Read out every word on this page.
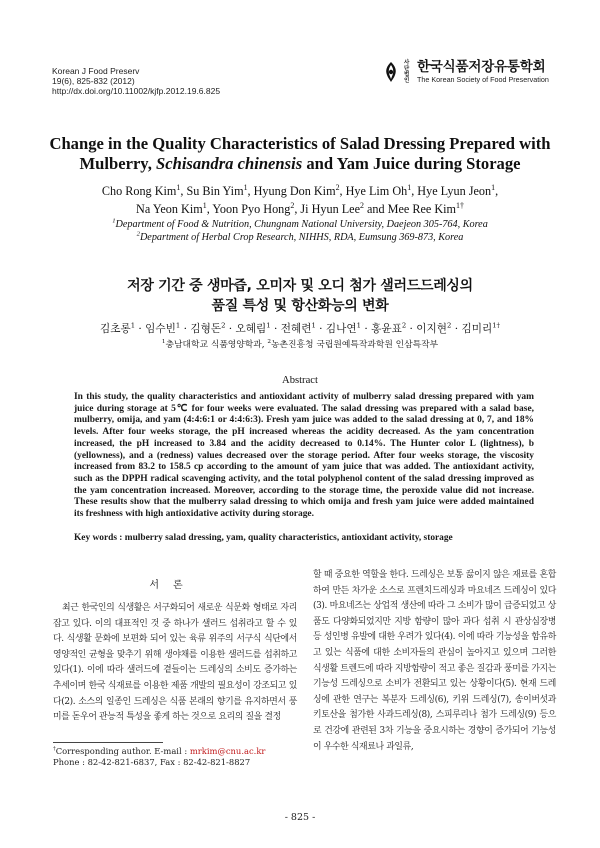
Korean J Food Preserv
19(6), 825-832 (2012)
http://dx.doi.org/10.11002/kjfp.2012.19.6.825
사단 법인
한국식품저장유통학회
The Korean Society of Food Preservation
Change in the Quality Characteristics of Salad Dressing Prepared with Mulberry, Schisandra chinensis and Yam Juice during Storage
Cho Rong Kim$^1$, Su Bin Yim$^1$, Hyung Don Kim$^2$, Hye Lim Oh$^1$, Hye Lyun Jeon$^1$,
Na Yeon Kim$^1$, Yoon Pyo Hong$^2$, Ji Hyun Lee$^2$ and Mee Ree Kim$^{1\dagger}$
$^1$Department of Food & Nutrition, Chungnam National University, Daejeon 305-764, Korea
$^2$Department of Herbal Crop Research, NIHHS, RDA, Eumsung 369-873, Korea
저장 기간 중 생마즙, 오미자 및 오디 첨가 샐러드드레싱의
품질 특성 및 항산화능의 변화
김초롱$^1$ · 임수빈$^1$ · 김형돈$^2$ · 오혜림$^1$ · 전혜련$^1$ · 김나연$^1$ · 홍윤표$^2$ · 이지현$^2$ · 김미리$^{1\dagger}$
$^1$충남대학교 식품영양학과, $^2$농촌진흥청 국립원예특작과학원 인삼특작부
Abstract
In this study, the quality characteristics and antioxidant activity of mulberry salad dressing prepared with yam juice during storage at 5℃ for four weeks were evaluated. The salad dressing was prepared with a salad base, mulberry, omija, and yam (4:4:6:1 or 4:4:6:3). Fresh yam juice was added to the salad dressing at 0, 7, and 18% levels. After four weeks storage, the pH increased whereas the acidity decreased. As the yam concentration increased, the pH increased to 3.84 and the acidity decreased to 0.14%. The Hunter color L (lightness), b (yellowness), and a (redness) values decreased over the storage period. After four weeks storage, the viscosity increased from 83.2 to 158.5 cp according to the amount of yam juice that was added. The antioxidant activity, such as the DPPH radical scavenging activity, and the total polyphenol content of the salad dressing improved as the yam concentration increased. Moreover, according to the storage time, the peroxide value did not increase. These results show that the mulberry salad dressing to which omija and fresh yam juice were added maintained its freshness with high antioxidative activity during storage.
Key words : mulberry salad dressing, yam, quality characteristics, antioxidant activity, storage
서론
최근 한국인의 식생활은 서구화되어 새로운 식문화 형태로 자리잡고 있다. 이의 대표적인 것 중 하나가 샐러드 섭취라고 할 수 있다. 식생활 문화에 보편화 되어 있는 육류 위주의 서구식 식단에서 영양적인 균형을 맞추기 위해 생야채를 이용한 샐러드를 섭취하고 있다(1). 이에 따라 샐러드에 곁들이는 드레싱의 소비도 증가하는 추세이며 한국 식재료를 이용한 제품 개발의 필요성이 강조되고 있다(2). 소스의 일종인 드레싱은 식품 본래의 향기를 유지하면서 풍미를 돋우어 관능적 특성을 좋게 하는 것으로 요리의 질을 결정
할 때 중요한 역할을 한다. 드레싱은 보통 끓이지 않은 재료를 혼합하여 만든 차가운 소스로 프렌치드레싱과 마요네즈 드레싱이 있다(3). 마요네즈는 상업적 생산에 따라 그 소비가 많이 급증되었고 상품도 다양화되었지만 지방 함량이 많아 과다 섭취 시 관상심장병 등 성인병 유발에 대한 우려가 있다(4). 이에 따라 기능성을 함유하고 있는 식품에 대한 소비자들의 관심이 높아지고 있으며 그러한 식생활 트렌드에 따라 지방함량이 적고 좋은 질감과 풍미를 가지는 기능성 드레싱으로 소비가 전환되고 있는 상황이다(5). 현재 드레싱에 관한 연구는 복분자 드레싱(6), 키위 드레싱(7), 송이버섯과 키토산을 첨가한 사과드레싱(8), 스피루리나 첨가 드레싱(9) 등으로 건강에 관련된 3차 기능을 중요시하는 경향이 증가되어 기능성이 우수한 식재료나 과일류,
†Corresponding author. E-mail : mrkim@cnu.ac.kr
Phone : 82-42-821-6837, Fax : 82-42-821-8827
- 825 -
